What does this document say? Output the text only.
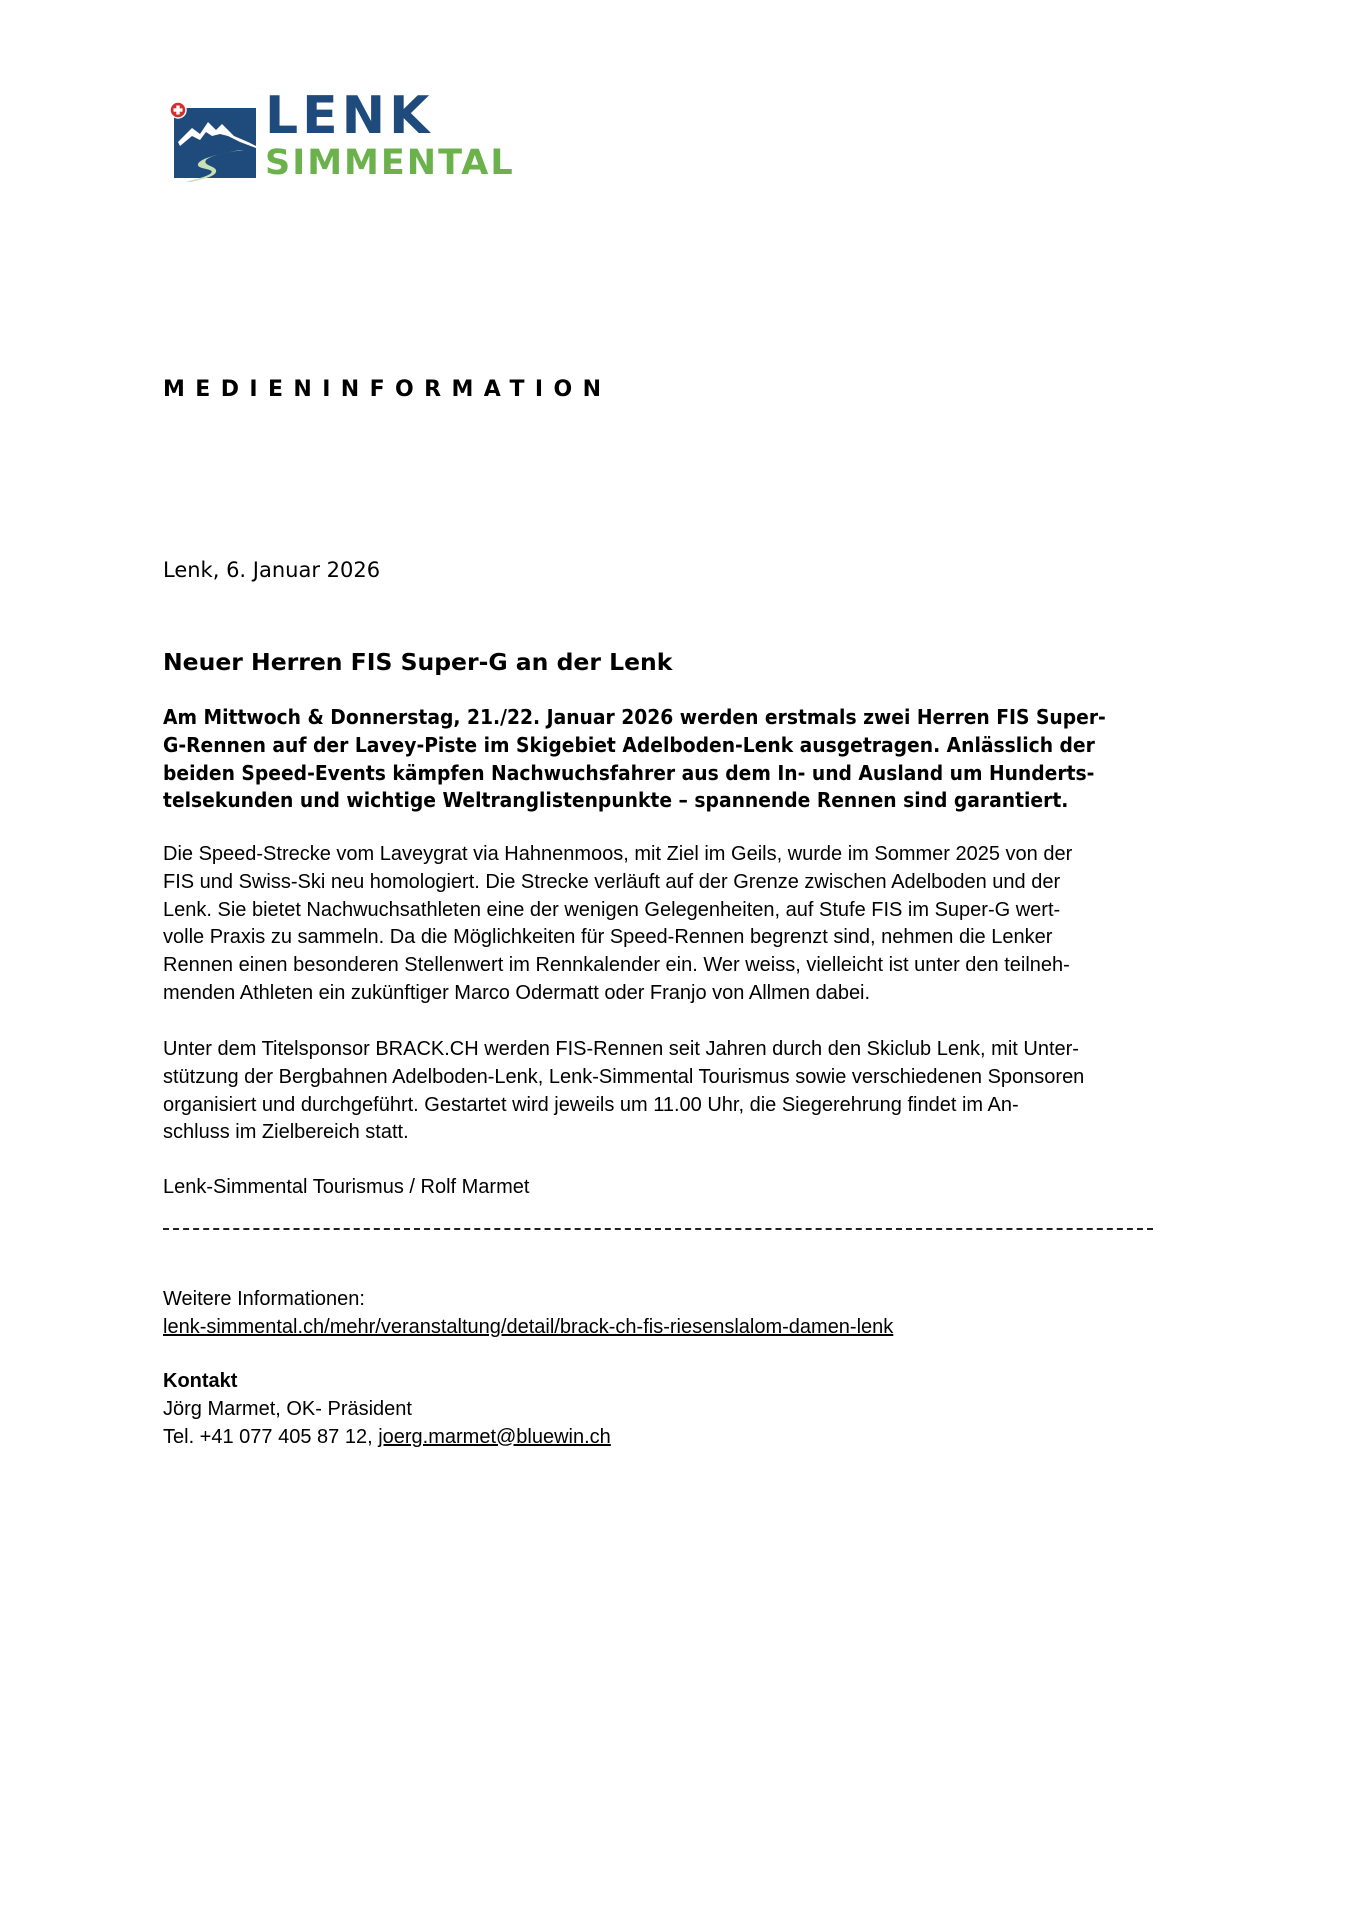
LENK
SIMMENTAL
MEDIENINFORMATION
Lenk, 6. Januar 2026
Neuer Herren FIS Super-G an der Lenk
Am Mittwoch & Donnerstag, 21./22. Januar 2026 werden erstmals zwei Herren FIS Super-
G-Rennen auf der Lavey-Piste im Skigebiet Adelboden-Lenk ausgetragen. Anlässlich der
beiden Speed-Events kämpfen Nachwuchsfahrer aus dem In- und Ausland um Hunderts-
telsekunden und wichtige Weltranglistenpunkte – spannende Rennen sind garantiert.
Die Speed-Strecke vom Laveygrat via Hahnenmoos, mit Ziel im Geils, wurde im Sommer 2025 von der
FIS und Swiss-Ski neu homologiert. Die Strecke verläuft auf der Grenze zwischen Adelboden und der
Lenk. Sie bietet Nachwuchsathleten eine der wenigen Gelegenheiten, auf Stufe FIS im Super-G wert-
volle Praxis zu sammeln. Da die Möglichkeiten für Speed-Rennen begrenzt sind, nehmen die Lenker
Rennen einen besonderen Stellenwert im Rennkalender ein. Wer weiss, vielleicht ist unter den teilneh-
menden Athleten ein zukünftiger Marco Odermatt oder Franjo von Allmen dabei.
Unter dem Titelsponsor BRACK.CH werden FIS-Rennen seit Jahren durch den Skiclub Lenk, mit Unter-
stützung der Bergbahnen Adelboden-Lenk, Lenk-Simmental Tourismus sowie verschiedenen Sponsoren
organisiert und durchgeführt. Gestartet wird jeweils um 11.00 Uhr, die Siegerehrung findet im An-
schluss im Zielbereich statt.
Lenk-Simmental Tourismus / Rolf Marmet
Weitere Informationen:
lenk-simmental.ch/mehr/veranstaltung/detail/brack-ch-fis-riesenslalom-damen-lenk
Kontakt
Jörg Marmet, OK- Präsident
Tel. +41 077 405 87 12, joerg.marmet@bluewin.ch
